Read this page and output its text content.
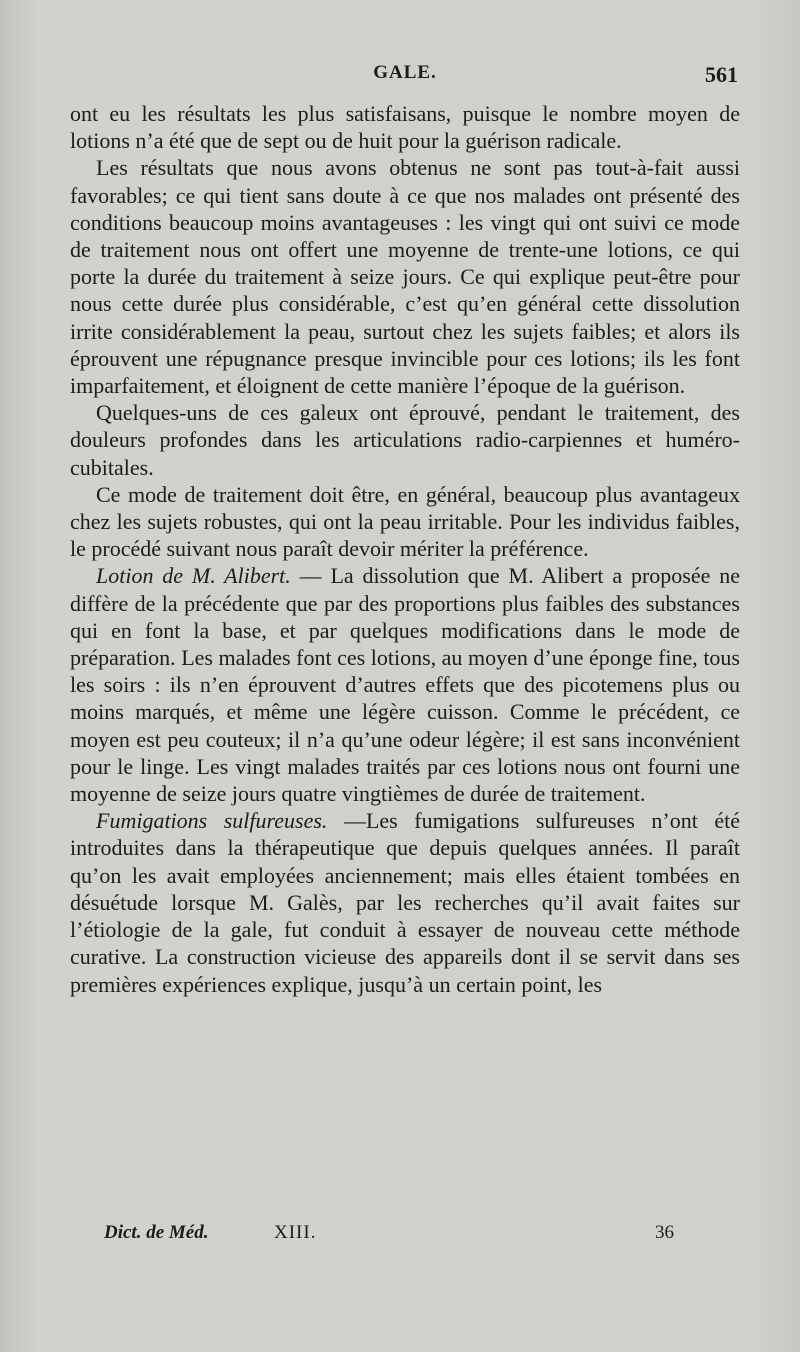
GALE.	561

ont eu les résultats les plus satisfaisans, puisque le nombre moyen de lotions n’a été que de sept ou de huit pour la guérison radicale.

Les résultats que nous avons obtenus ne sont pas tout-à-fait aussi favorables; ce qui tient sans doute à ce que nos malades ont présenté des conditions beaucoup moins avantageuses : les vingt qui ont suivi ce mode de traitement nous ont offert une moyenne de trente-une lotions, ce qui porte la durée du traitement à seize jours. Ce qui explique peut-être pour nous cette durée plus considérable, c’est qu’en général cette dissolution irrite considérablement la peau, surtout chez les sujets faibles; et alors ils éprouvent une répugnance presque invincible pour ces lotions; ils les font imparfaitement, et éloignent de cette manière l’époque de la guérison.

Quelques-uns de ces galeux ont éprouvé, pendant le traitement, des douleurs profondes dans les articulations radio-carpiennes et huméro-cubitales.

Ce mode de traitement doit être, en général, beaucoup plus avantageux chez les sujets robustes, qui ont la peau irritable. Pour les individus faibles, le procédé suivant nous paraît devoir mériter la préférence.

Lotion de M. Alibert. — La dissolution que M. Alibert a proposée ne diffère de la précédente que par des proportions plus faibles des substances qui en font la base, et par quelques modifications dans le mode de préparation. Les malades font ces lotions, au moyen d’une éponge fine, tous les soirs : ils n’en éprouvent d’autres effets que des picotemens plus ou moins marqués, et même une légère cuisson. Comme le précédent, ce moyen est peu couteux; il n’a qu’une odeur légère; il est sans inconvénient pour le linge. Les vingt malades traités par ces lotions nous ont fourni une moyenne de seize jours quatre vingtièmes de durée de traitement.

Fumigations sulfureuses. —Les fumigations sulfureuses n’ont été introduites dans la thérapeutique que depuis quelques années. Il paraît qu’on les avait employées anciennement; mais elles étaient tombées en désuétude lorsque M. Galès, par les recherches qu’il avait faites sur l’étiologie de la gale, fut conduit à essayer de nouveau cette méthode curative. La construction vicieuse des appareils dont il se servit dans ses premières expériences explique, jusqu’à un certain point, les

Dict. de Méd.	XIII.	36
